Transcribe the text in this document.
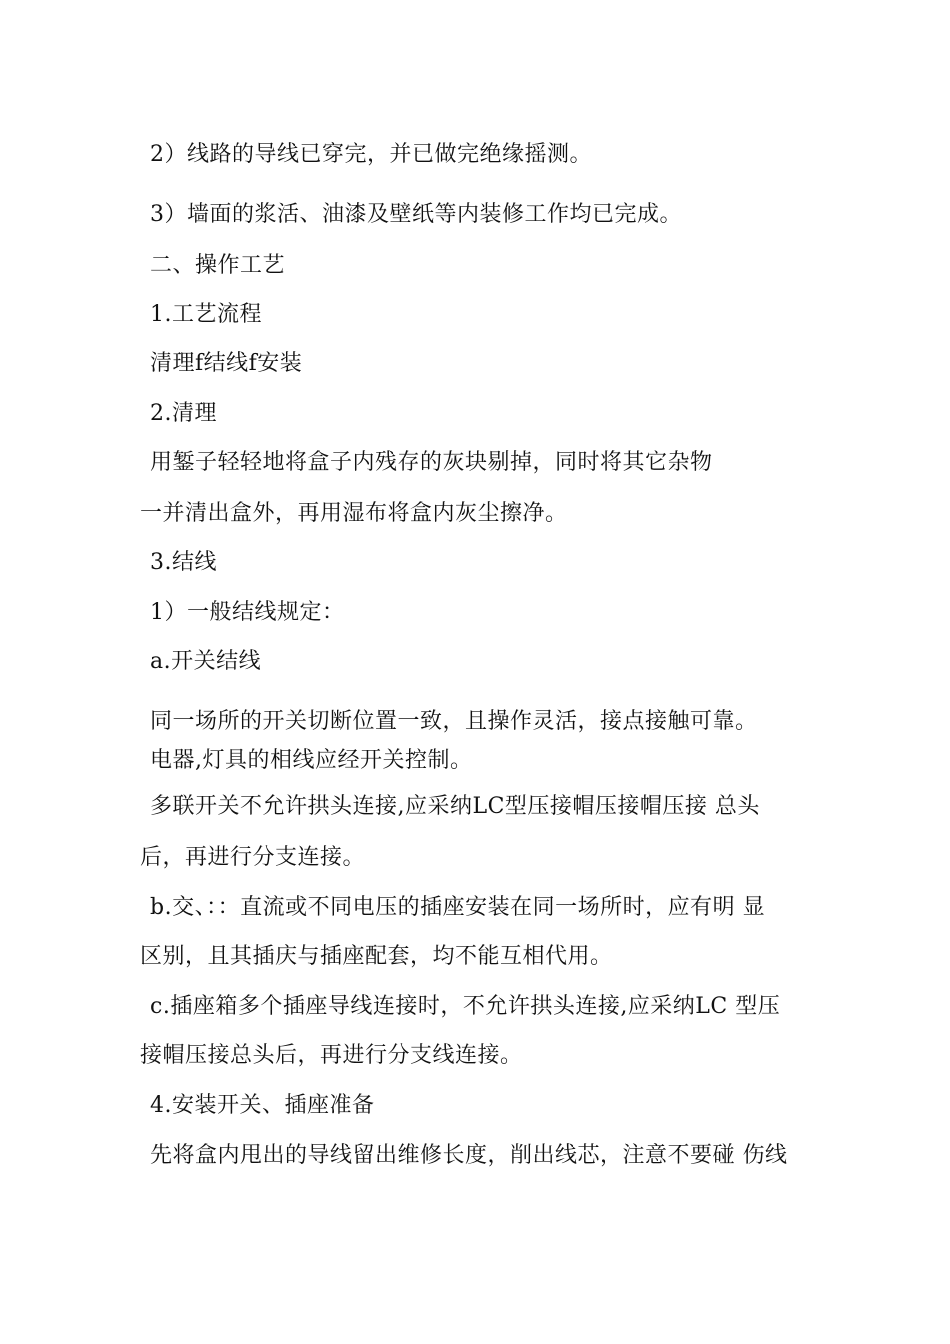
2）线路的导线已穿完，并已做完绝缘摇测。
3）墙面的浆活、油漆及壁纸等内装修工作均已完成。
二、操作工艺
1.工艺流程
清理f结线f安装
2.清理
用錾子轻轻地将盒子内残存的灰块剔掉，同时将其它杂物
一并清出盒外，再用湿布将盒内灰尘擦净。
3.结线
1）一般结线规定：
a.开关结线
同一场所的开关切断位置一致，且操作灵活，接点接触可靠。
电器,灯具的相线应经开关控制。
多联开关不允许拱头连接,应采纳LC型压接帽压接帽压接 总头
后，再进行分支连接。
b.交、：：直流或不同电压的插座安装在同一场所时，应有明 显
区别，且其插庆与插座配套，均不能互相代用。
c.插座箱多个插座导线连接时，不允许拱头连接,应采纳LC 型压
接帽压接总头后，再进行分支线连接。
4.安装开关、插座准备
先将盒内甩出的导线留出维修长度，削出线芯，注意不要碰 伤线
